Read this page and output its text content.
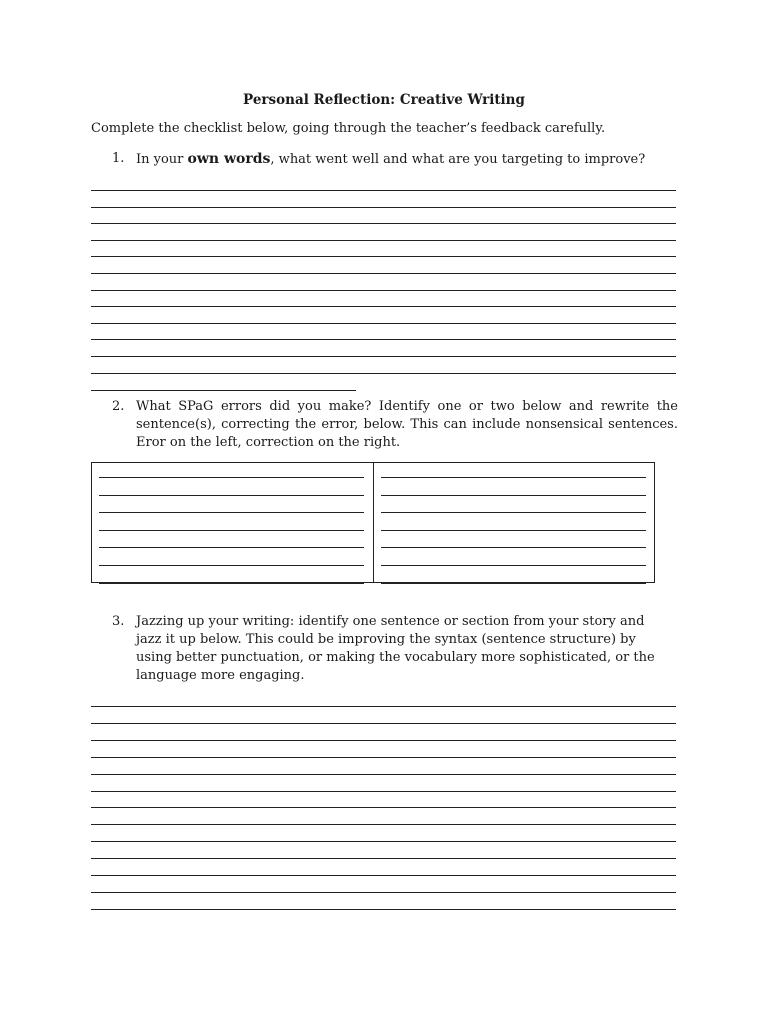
Personal Reflection: Creative Writing
Complete the checklist below, going through the teacher’s feedback carefully.
1. In your own words, what went well and what are you targeting to improve?
2. What SPaG errors did you make? Identify one or two below and rewrite the sentence(s), correcting the error, below. This can include nonsensical sentences. Eror on the left, correction on the right.
3. Jazzing up your writing: identify one sentence or section from your story and jazz it up below. This could be improving the syntax (sentence structure) by using better punctuation, or making the vocabulary more sophisticated, or the language more engaging.
